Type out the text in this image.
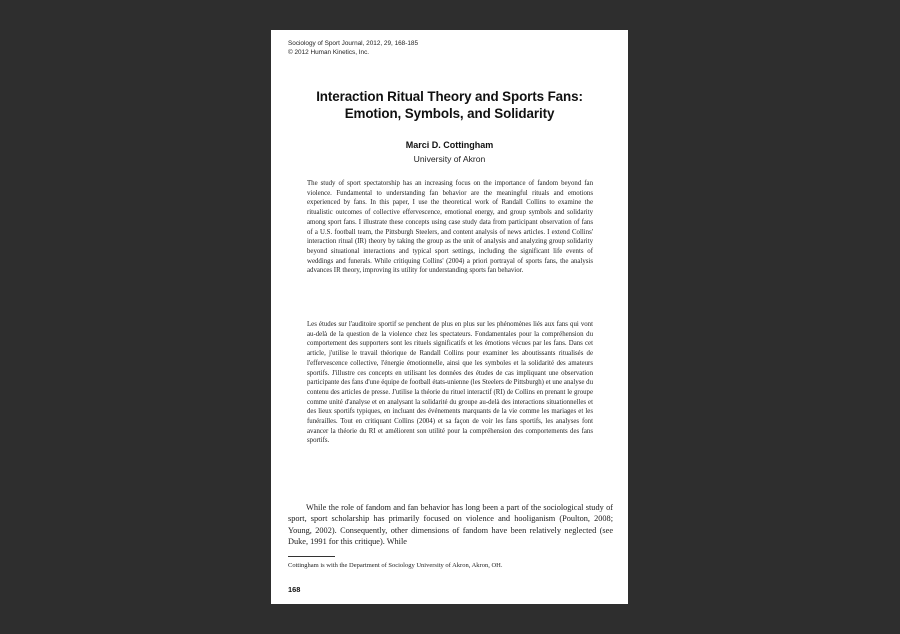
Sociology of Sport Journal, 2012, 29, 168-185
© 2012 Human Kinetics, Inc.
Interaction Ritual Theory and Sports Fans:
Emotion, Symbols, and Solidarity
Marci D. Cottingham
University of Akron
The study of sport spectatorship has an increasing focus on the importance of fandom beyond fan violence. Fundamental to understanding fan behavior are the meaningful rituals and emotions experienced by fans. In this paper, I use the theoretical work of Randall Collins to examine the ritualistic outcomes of collective effervescence, emotional energy, and group symbols and solidarity among sport fans. I illustrate these concepts using case study data from participant observation of fans of a U.S. football team, the Pittsburgh Steelers, and content analysis of news articles. I extend Collins' interaction ritual (IR) theory by taking the group as the unit of analysis and analyzing group solidarity beyond situational interactions and typical sport settings, including the significant life events of weddings and funerals. While critiquing Collins' (2004) a priori portrayal of sports fans, the analysis advances IR theory, improving its utility for understanding sports fan behavior.
Les études sur l'auditoire sportif se penchent de plus en plus sur les phénomènes liés aux fans qui vont au-delà de la question de la violence chez les spectateurs. Fondamentales pour la compréhension du comportement des supporters sont les rituels significatifs et les émotions vécues par les fans. Dans cet article, j'utilise le travail théorique de Randall Collins pour examiner les aboutissants ritualisés de l'effervescence collective, l'énergie émotionnelle, ainsi que les symboles et la solidarité des amateurs sportifs. J'illustre ces concepts en utilisant les données des études de cas impliquant une observation participante des fans d'une équipe de football états-unienne (les Steelers de Pittsburgh) et une analyse du contenu des articles de presse. J'utilise la théorie du rituel interactif (RI) de Collins en prenant le groupe comme unité d'analyse et en analysant la solidarité du groupe au-delà des interactions situationnelles et des lieux sportifs typiques, en incluant des événements marquants de la vie comme les mariages et les funérailles. Tout en critiquant Collins (2004) et sa façon de voir les fans sportifs, les analyses font avancer la théorie du RI et améliorent son utilité pour la compréhension des comportements des fans sportifs.
While the role of fandom and fan behavior has long been a part of the sociological study of sport, sport scholarship has primarily focused on violence and hooliganism (Poulton, 2008; Young, 2002). Consequently, other dimensions of fandom have been relatively neglected (see Duke, 1991 for this critique). While
Cottingham is with the Department of Sociology University of Akron, Akron, OH.
168
